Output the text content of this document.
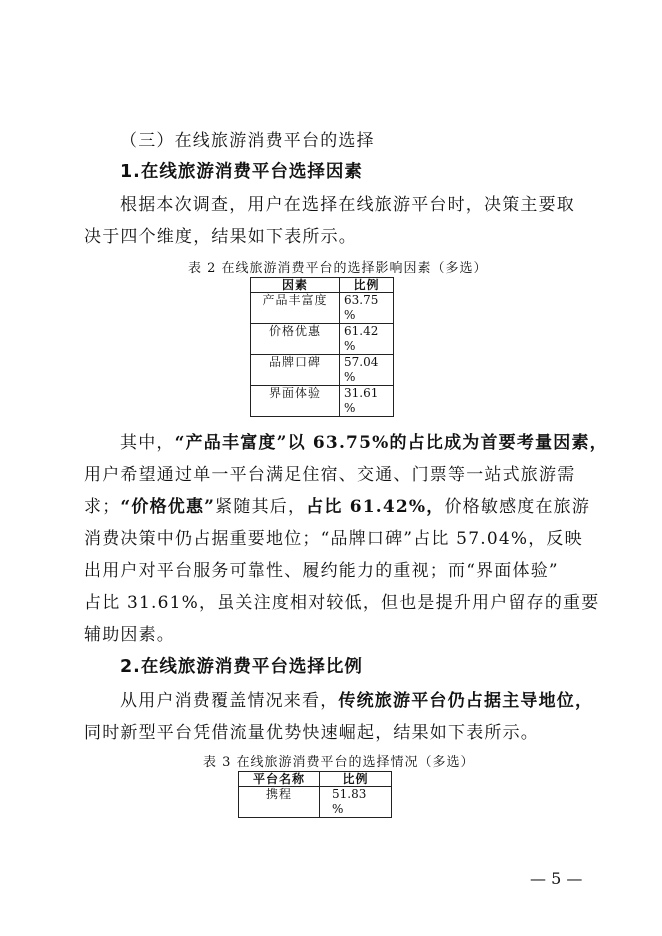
（三）在线旅游消费平台的选择
1.在线旅游消费平台选择因素
根据本次调查，用户在选择在线旅游平台时，决策主要取
决于四个维度，结果如下表所示。
表 2 在线旅游消费平台的选择影响因素（多选）
因素	比例
产品丰富度	63.75
%
价格优惠	61.42
%
品牌口碑	57.04
%
界面体验	31.61
%
其中，“产品丰富度”以 63.75%的占比成为首要考量因素，
用户希望通过单一平台满足住宿、交通、门票等一站式旅游需
求；“价格优惠”紧随其后，占比 61.42%，价格敏感度在旅游
消费决策中仍占据重要地位；“品牌口碑”占比 57.04%，反映
出用户对平台服务可靠性、履约能力的重视；而“界面体验”
占比 31.61%，虽关注度相对较低，但也是提升用户留存的重要
辅助因素。
2.在线旅游消费平台选择比例
从用户消费覆盖情况来看，传统旅游平台仍占据主导地位，
同时新型平台凭借流量优势快速崛起，结果如下表所示。
表 3 在线旅游消费平台的选择情况（多选）
平台名称	比例
携程	51.83
%
— 5 —
